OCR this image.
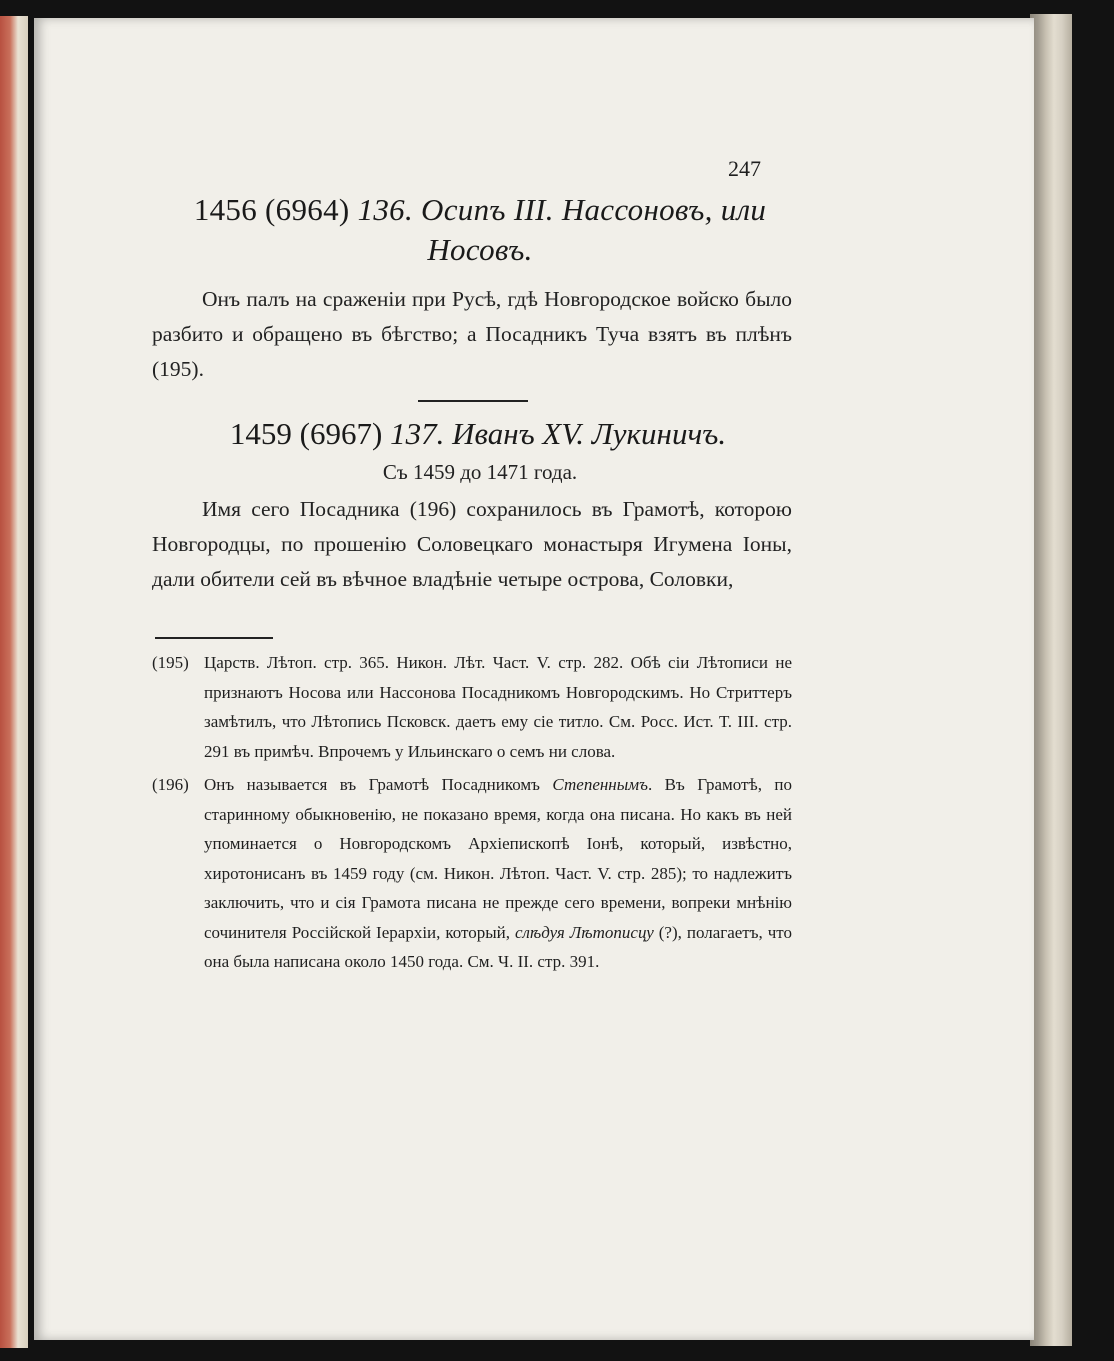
247
1456 (6964) 136. Осипъ III. Нассоновъ, или Носовъ.
Онъ палъ на сраженіи при Русѣ, гдѣ Новгородское войско было разбито и обращено въ бѣгство; а Посадникъ Туча взятъ въ плѣнъ (195).
1459 (6967) 137. Иванъ XV. Лукиничъ.
Съ 1459 до 1471 года.
Имя сего Посадника (196) сохранилось въ Грамотѣ, которою Новгородцы, по прошенію Соловецкаго монастыря Игумена Іоны, дали обители сей въ вѣчное владѣніе четыре острова, Соловки,
(195) Царств. Лѣтоп. стр. 365. Никон. Лѣт. Част. V. стр. 282. Обѣ сіи Лѣтописи не признаютъ Носова или Нассонова Посадникомъ Новгородскимъ. Но Стриттеръ замѣтилъ, что Лѣтопись Псковск. даетъ ему сіе титло. См. Росс. Ист. Т. III. стр. 291 въ примѣч. Впрочемъ у Ильинскаго о семъ ни слова.
(196) Онъ называется въ Грамотѣ Посадникомъ Степеннымъ. Въ Грамотѣ, по старинному обыкновенію, не показано время, когда она писана. Но какъ въ ней упоминается о Новгородскомъ Архіепископѣ Іонѣ, который, извѣстно, хиротонисанъ въ 1459 году (см. Никон. Лѣтоп. Част. V. стр. 285); то надлежитъ заключить, что и сія Грамота писана не прежде сего времени, вопреки мнѣнію сочинителя Россійской Іерархіи, который, слѣдуя Лѣтописцу (?), полагаетъ, что она была написана около 1450 года. См. Ч. II. стр. 391.
